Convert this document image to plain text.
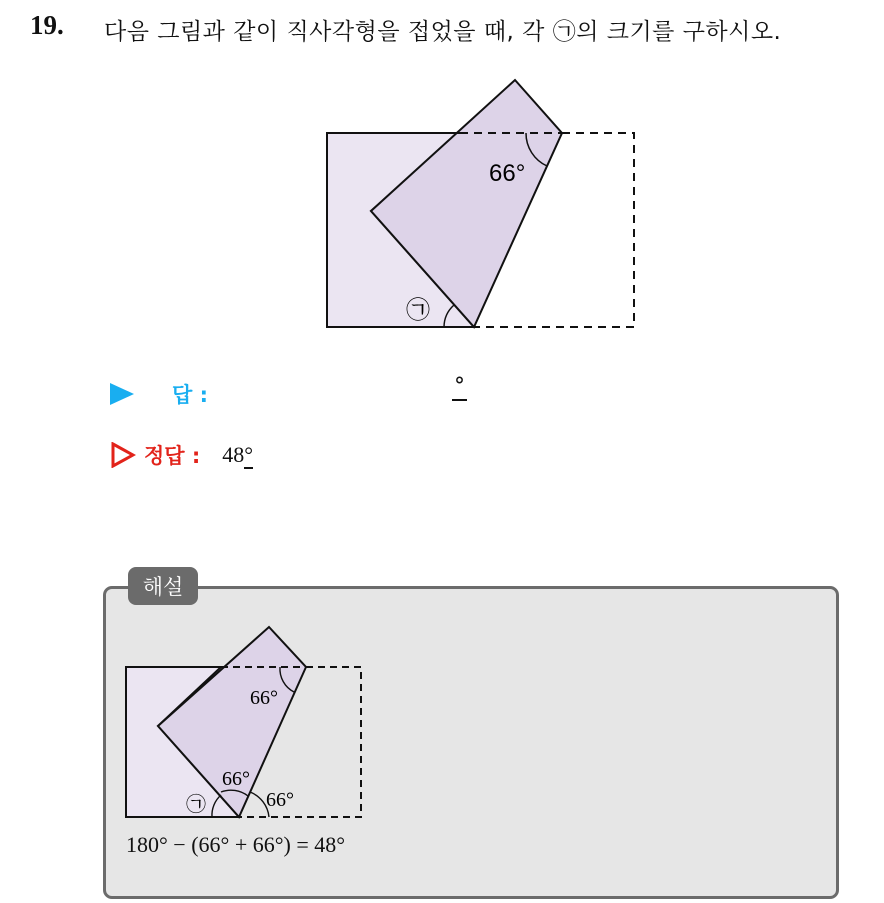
19. 다음 그림과 같이 직사각형을 접었을 때, 각 ㉠의 크기를 구하시오.
66°
㉠
답 :	°
정답 : 48°
해설
66°
66°
66°
㉠
180° − (66° + 66°) = 48°
